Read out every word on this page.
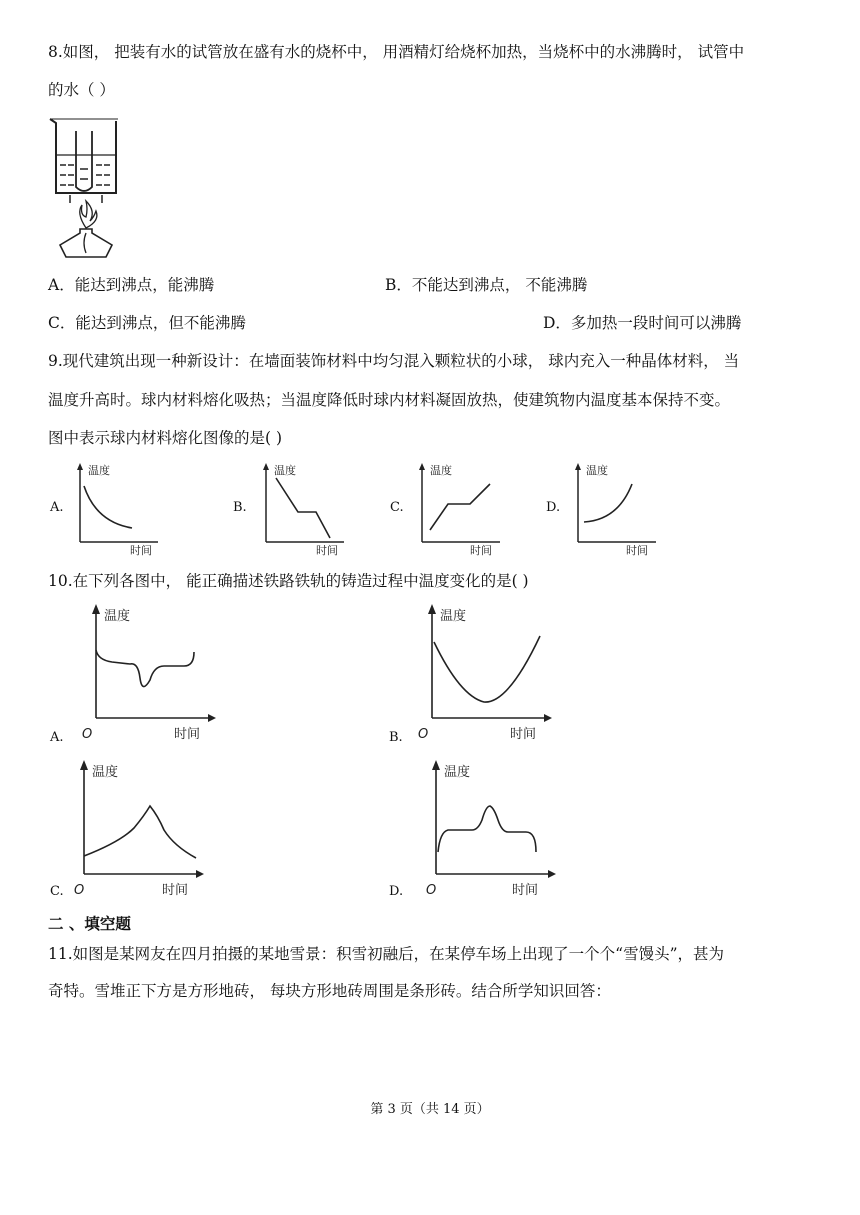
8.如图， 把装有水的试管放在盛有水的烧杯中， 用酒精灯给烧杯加热，当烧杯中的水沸腾时， 试管中
的水（ ）
A．能达到沸点，能沸腾	B．不能达到沸点， 不能沸腾
C．能达到沸点，但不能沸腾	D．多加热一段时间可以沸腾
9.现代建筑出现一种新设计：在墙面装饰材料中均匀混入颗粒状的小球， 球内充入一种晶体材料， 当
温度升高时。球内材料熔化吸热；当温度降低时球内材料凝固放热，使建筑物内温度基本保持不变。
图中表示球内材料熔化图像的是( )
A.
温度
时间
B.
温度
时间
C.
温度
时间
D.
温度
时间
10.在下列各图中， 能正确描述铁路铁轨的铸造过程中温度变化的是( )
A.
温度
O	时间	B.
温度
O	时间
C.
温度
O	时间	D.
温度
O	时间
二 、填空题
11.如图是某网友在四月拍摄的某地雪景：积雪初融后，在某停车场上出现了一个个“雪馒头”，甚为
奇特。雪堆正下方是方形地砖， 每块方形地砖周围是条形砖。结合所学知识回答：
第 3 页（共 14 页）
